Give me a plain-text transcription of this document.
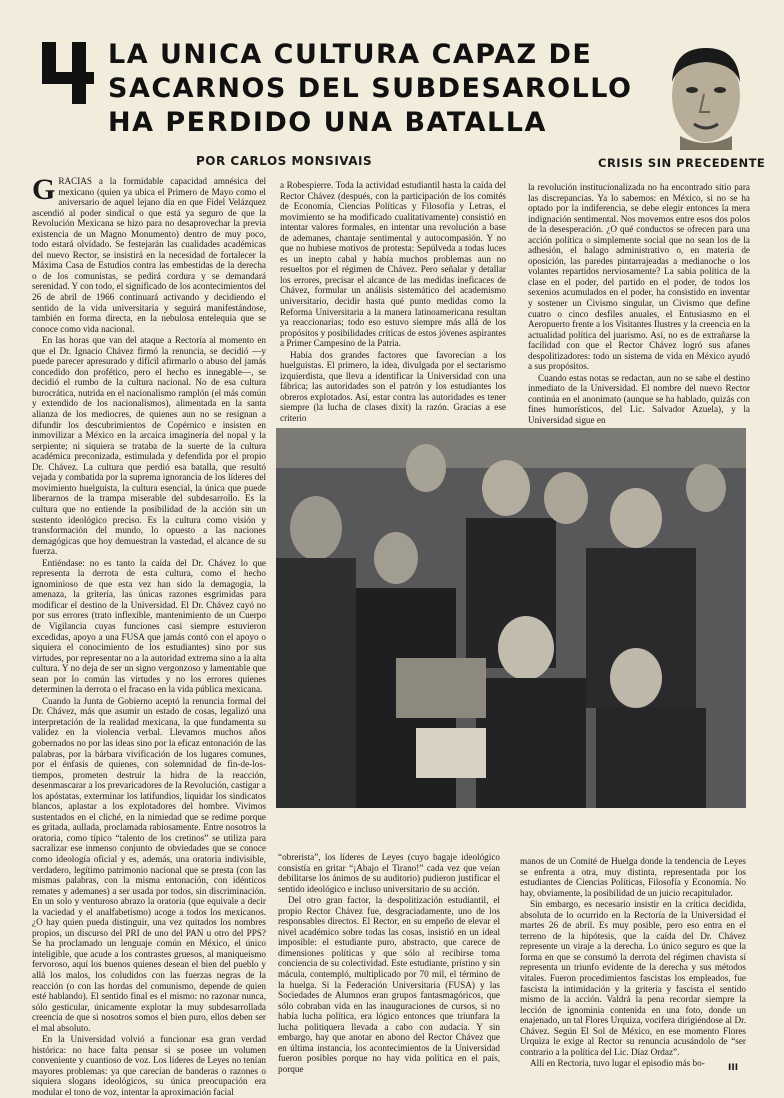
LA UNICA CULTURA CAPAZ DE
SACARNOS DEL SUBDESAROLLO
HA PERDIDO UNA BATALLA
POR CARLOS MONSIVAIS	CRISIS SIN PRECEDENTE

GRACIAS a la formidable capacidad amnésica del mexicano (quien ya ubica el Primero de Mayo como el aniversario de aquel lejano día en que Fidel Velázquez ascendió al poder sindical o que está ya seguro de que la Revolución Mexicana se hizo para no desaprovechar la previa existencia de un Magno Monumento) dentro de muy poco, todo estará olvidado. Se festejarán las cualidades académicas del nuevo Rector, se insistirá en la necesidad de fortalecer la Máxima Casa de Estudios contra las embestidas de la derecha o de los comunistas, se pedirá cordura y se demandará serenidad. Y con todo, el significado de los acontecimientos del 26 de abril de 1966 continuará activando y decidiendo el sentido de la vida universitaria y seguirá manifestándose, también en forma directa, en la nebulosa entelequia que se conoce como vida nacional.

En las horas que van del ataque a Rectoría al momento en que el Dr. Ignacio Chávez firmó la renuncia, se decidió —y puede parecer apresurado y difícil afirmarlo o abuso del jamás concedido don profético, pero el hecho es innegable—, se decidió el rumbo de la cultura nacional. No de esa cultura burocrática, nutrida en el nacionalismo ramplón (el más común y extendido de los nacionalismos), alimentada en la santa alianza de los mediocres, de quienes aun no se resignan a difundir los descubrimientos de Copérnico e insisten en inmovilizar a México en la arcaica imaginería del nopal y la serpiente; ni siquiera se trataba de la suerte de la cultura académica preconizada, estimulada y defendida por el propio Dr. Chávez. La cultura que perdió esa batalla, que resultó vejada y combatida por la suprema ignorancia de los líderes del movimiento huelguista, la cultura esencial, la única que puede liberarnos de la trampa miserable del subdesarrollo. Es la cultura que no entiende la posibilidad de la acción sin un sustento ideológico preciso. Es la cultura como visión y transformación del mundo, lo opuesto a las naciones demagógicas que hoy demuestran la vastedad, el alcance de su fuerza.

Entiéndase: no es tanto la caída del Dr. Chávez lo que representa la derrota de esta cultura, como el hecho ignominioso de que esta vez han sido la demagogia, la amenaza, la gritería, las únicas razones esgrimidas para modificar el destino de la Universidad. El Dr. Chávez cayó no por sus errores (trato inflexible, mantenimiento de un Cuerpo de Vigilancia cuyas funciones casi siempre estuvieron excedidas, apoyo a una FUSA que jamás contó con el apoyo o siquiera el conocimiento de los estudiantes) sino por sus virtudes, por representar no a la autoridad extrema sino a la alta cultura. Y no deja de ser un signo vergonzoso y lamentable que sean por lo común las virtudes y no los errores quienes determinen la derrota o el fracaso en la vida pública mexicana.

Cuando la Junta de Gobierno aceptó la renuncia formal del Dr. Chávez, más que asumir un estado de cosas, legalizó una interpretación de la realidad mexicana, la que fundamenta su validez en la violencia verbal. Llevamos muchos años gobernados no por las ideas sino por la eficaz entonación de las palabras, por la bárbara vivificación de los lugares comunes, por el énfasis de quienes, con solemnidad de fin-de-los-tiempos, prometen destruir la hidra de la reacción, desenmascarar a los prevaricadores de la Revolución, castigar a los apóstatas, exterminar los latifundios, liquidar los sindicatos blancos, aplastar a los explotadores del hombre. Vivimos sustentados en el cliché, en la nimiedad que se redime porque es gritada, aullada, proclamada rabiosamente. Entre nosotros la oratoria, como típico “talento de los cretinos” se utiliza para sacralizar ese inmenso conjunto de obviedades que se conoce como ideología oficial y es, además, una oratoria indivisible, verdadero, legítimo patrimonio nacional que se presta (con las mismas palabras, con la misma entonación, con idénticos remates y ademanes) a ser usada por todos, sin discriminación. En un solo y venturoso abrazo la oratoria (que equivale a decir la vaciedad y el analfabetismo) acoge a todos los mexicanos. ¿O hay quien pueda distinguir, una vez quitados los nombres propios, un discurso del PRI de uno del PAN u otro del PPS? Se ha proclamado un lenguaje común en México, el único inteligible, que acude a los contrastes gruesos, al maniqueísmo fervoroso, aquí los buenos quienes desean el bien del pueblo y allá los malos, los coludidos con las fuerzas negras de la reacción (o con las hordas del comunismo, depende de quien esté hablando). El sentido final es el mismo: no razonar nunca, sólo gesticular, únicamente explotar la muy subdesarrollada creencia de que si nosotros somos el bien puro, ellos deben ser el mal absoluto.

En la Universidad volvió a funcionar esa gran verdad histórica: no hace falta pensar si se posee un volumen conveniente y cuantioso de voz. Los líderes de Leyes no tenían mayores problemas: ya que carecían de banderas o razones o siquiera slogans ideológicos, su única preocupación era modular el tono de voz, intentar la aproximación facial

a Robespierre. Toda la actividad estudiantil hasta la caída del Rector Chávez (después, con la participación de los comités de Economía, Ciencias Políticas y Filosofía y Letras, el movimiento se ha modificado cualitativamente) consistió en intentar valores formales, en intentar una revolución a base de ademanes, chantaje sentimental y autocompasión. Y no que no hubiese motivos de protesta: Sepúlveda a todas luces es un inepto cabal y había muchos problemas aun no resueltos por el régimen de Chávez. Pero señalar y detallar los errores, precisar el alcance de las medidas ineficaces de Chávez, formular un análisis sistemático del academismo universitario, decidir hasta qué punto medidas como la Reforma Universitaria a la manera latinoamericana resultan ya reaccionarias; todo eso estuvo siempre más allá de los propósitos y posibilidades críticas de estos jóvenes aspirantes a Primer Campesino de la Patria.

Había dos grandes factores que favorecían a los huelguistas. El primero, la idea, divulgada por el sectarismo izquierdista, que lleva a identificar la Universidad con una fábrica; las autoridades son el patrón y los estudiantes los obreros explotados. Así, estar contra las autoridades es tener siempre (la lucha de clases dixit) la razón. Gracias a ese criterio

la revolución institucionalizada no ha encontrado sitio para las discrepancias. Ya lo sabemos: en México, si no se ha optado por la indiferencia, se debe elegir entonces la mera indignación sentimental. Nos movemos entre esos dos polos de la desesperación. ¿O qué conductos se ofrecen para una acción política o simplemente social que no sean los de la adhesión, el halago administrativo o, en materia de oposición, las paredes pintarrajeadas a medianoche o los volantes repartidos nerviosamente? La sabia política de la clase en el poder, del partido en el poder, de todos los sexenios acumulados en el poder, ha consistido en inventar y sostener un Civismo singular, un Civismo que define cuatro o cinco desfiles anuales, el Entusiasmo en el Aeropuerto frente a los Visitantes Ilustres y la creencia en la actualidad política del juarismo. Así, no es de extrañarse la facilidad con que el Rector Chávez logró sus afanes despolitizadores: todo un sistema de vida en México ayudó a sus propósitos.

Cuando estas notas se redactan, aun no se sabe el destino inmediato de la Universidad. El nombre del nuevo Rector continúa en el anonimato (aunque se ha hablado, quizás con fines humorísticos, del Lic. Salvador Azuela), y la Universidad sigue en

“obrerista”, los líderes de Leyes (cuyo bagaje ideológico consistía en gritar “¡Abajo el Tirano!” cada vez que veían debilitarse los ánimos de su auditorio) pudieron justificar el sentido ideológico e incluso universitario de su acción.

Del otro gran factor, la despolitización estudiantil, el propio Rector Chávez fue, desgraciadamente, uno de los responsables directos. El Rector, en su empeño de elevar el nivel académico sobre todas las cosas, insistió en un ideal imposible: el estudiante puro, abstracto, que carece de dimensiones políticas y que sólo al recibirse toma conciencia de su colectividad. Este estudiante, prístino y sin mácula, contempló, multiplicado por 70 mil, el término de la huelga. Si la Federación Universitaria (FUSA) y las Sociedades de Alumnos eran grupos fantasmagóricos, que sólo cobraban vida en las inauguraciones de cursos, si no había lucha política, era lógico entonces que triunfara la lucha politiquera llevada a cabo con audacia. Y sin embargo, hay que anotar en abono del Rector Chávez que en última instancia, los acontecimientos de la Universidad fueron posibles porque no hay vida política en el país, porque

manos de un Comité de Huelga donde la tendencia de Leyes se enfrenta a otra, muy distinta, representada por los estudiantes de Ciencias Políticas, Filosofía y Economía. No hay, obviamente, la posibilidad de un juicio recapitulador.

Sin embargo, es necesario insistir en la crítica decidida, absoluta de lo ocurrido en la Rectoría de la Universidad el martes 26 de abril. Es muy posible, pero eso entra en el terreno de la hipótesis, que la caída del Dr. Chávez represente un viraje a la derecha. Lo único seguro es que la forma en que se consumó la derrota del régimen chavista sí representa un triunfo evidente de la derecha y sus métodos vitales. Fueron procedimientos fascistas los empleados, fue fascista la intimidación y la gritería y fascista el sentido mismo de la acción. Valdrá la pena recordar siempre la lección de ignominia contenida en una foto, donde un enajenado, un tal Flores Urquiza, vocifera dirigiéndose al Dr. Chávez. Según El Sol de México, en ese momento Flores Urquiza le exige al Rector su renuncia acusándolo de “ser contrario a la política del Lic. Díaz Ordaz”.

Allí en Rectoría, tuvo lugar el episodio más bo-	III
